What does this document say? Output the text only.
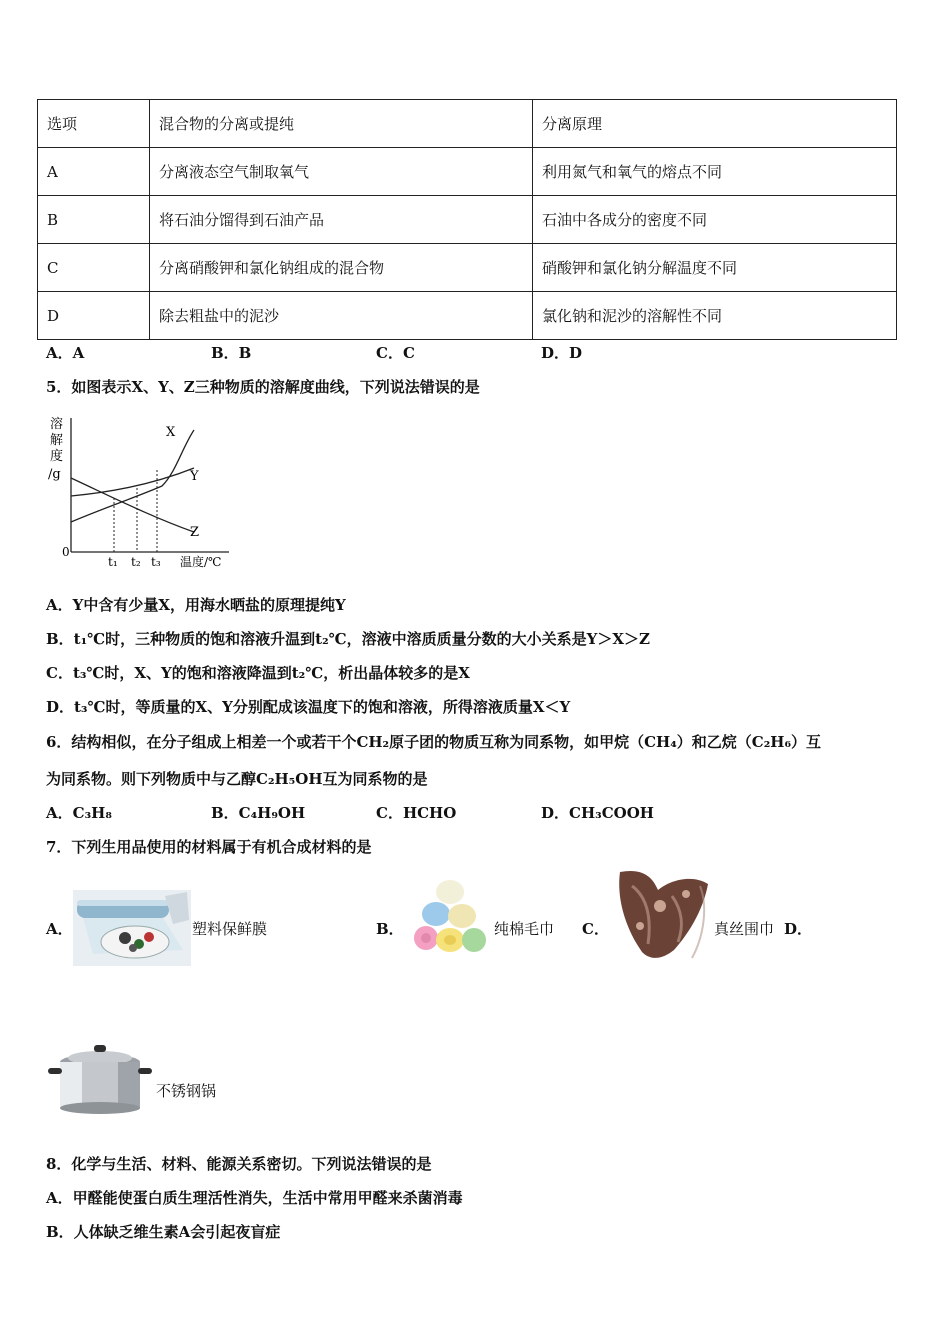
选项	混合物的分离或提纯	分离原理
A	分离液态空气制取氧气	利用氮气和氧气的熔点不同
B	将石油分馏得到石油产品	石油中各成分的密度不同
C	分离硝酸钾和氯化钠组成的混合物	硝酸钾和氯化钠分解温度不同
D	除去粗盐中的泥沙	氯化钠和泥沙的溶解性不同
A．A	B．B	C．C	D．D
5．如图表示X、Y、Z三种物质的溶解度曲线，下列说法错误的是
溶
解
度
/g
X
Y
Z
0
t₁ t₂ t₃ 温度/℃
A．Y中含有少量X，用海水晒盐的原理提纯Y
B．t₁℃时，三种物质的饱和溶液升温到t₂℃，溶液中溶质质量分数的大小关系是Y＞X＞Z
C．t₃℃时，X、Y的饱和溶液降温到t₂℃，析出晶体较多的是X
D．t₃℃时，等质量的X、Y分别配成该温度下的饱和溶液，所得溶液质量X＜Y
6．结构相似，在分子组成上相差一个或若干个CH₂原子团的物质互称为同系物，如甲烷（CH₄）和乙烷（C₂H₆）互
为同系物。则下列物质中与乙醇C₂H₅OH互为同系物的是
A．C₃H₈	B．C₄H₉OH	C．HCHO	D．CH₃COOH
7．下列生用品使用的材料属于有机合成材料的是
A．	塑料保鲜膜	B．	纯棉毛巾 C．	真丝围巾 D．
不锈钢锅
8．化学与生活、材料、能源关系密切。下列说法错误的是
A．甲醛能使蛋白质生理活性消失，生活中常用甲醛来杀菌消毒
B．人体缺乏维生素A会引起夜盲症
